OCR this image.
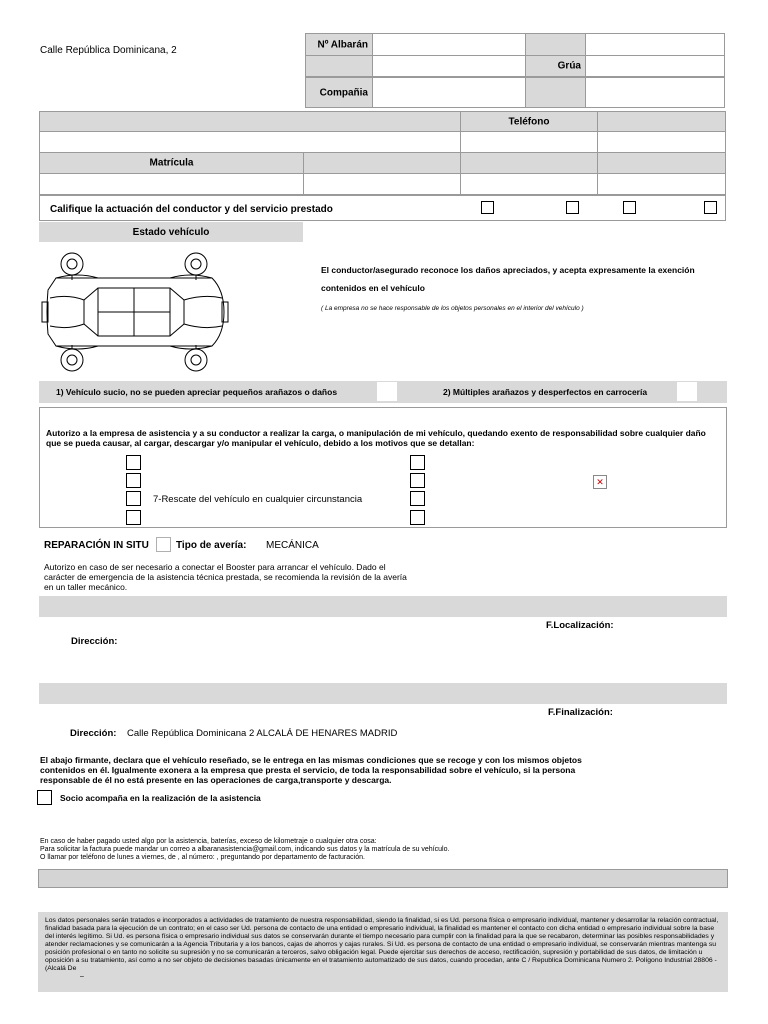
Calle República Dominicana, 2
Nº Albarán
Grúa
Compañia
Teléfono
Matrícula
Califique la actuación del conductor y del servicio prestado
Estado vehículo
El conductor/asegurado reconoce los daños apreciados, y acepta expresamente la exención
contenidos en el vehículo
( La empresa no se hace responsable de los objetos personales en el interior del vehículo )
1) Vehículo sucio, no se pueden apreciar pequeños arañazos o daños	2) Múltiples arañazos y desperfectos en carrocería
Autorizo a la empresa de asistencia y a su conductor a realizar la carga, o manipulación de mi vehículo, quedando exento de responsabilidad sobre cualquier daño que se pueda causar, al cargar, descargar y/o manipular el vehículo, debido a los motivos que se detallan:
7-Rescate del vehículo en cualquier circunstancia
✕
REPARACIÓN IN SITU	Tipo de avería: MECÁNICA
Autorizo en caso de ser necesario a conectar el Booster para arrancar el vehículo. Dado el carácter de emergencia de la asistencia técnica prestada, se recomienda la revisión de la avería en un taller mecánico.
F.Localización:
Dirección:
F.Finalización:
Dirección: Calle República Dominicana 2 ALCALÁ DE HENARES MADRID
El abajo firmante, declara que el vehículo reseñado, se le entrega en las mismas condiciones que se recoge y con los mismos objetos contenidos en él. Igualmente exonera a la empresa que presta el servicio, de toda la responsabilidad sobre el vehículo, si la persona responsable de él no está presente en las operaciones de carga,transporte y descarga.
Socio acompaña en la realización de la asistencia
En caso de haber pagado usted algo por la asistencia, baterías, exceso de kilometraje o cualquier otra cosa:
Para solicitar la factura puede mandar un correo a albaranasistencia@gmail.com, indicando sus datos y la matrícula de su vehículo.
O llamar por teléfono de lunes a viernes, de , al número: , preguntando por departamento de facturación.
Los datos personales serán tratados e incorporados a actividades de tratamiento de nuestra responsabilidad, siendo la finalidad, si es Ud. persona física o empresario individual, mantener y desarrollar la relación contractual, finalidad basada para la ejecución de un contrato; en el caso ser Ud. persona de contacto de una entidad o empresario individual, la finalidad es mantener el contacto con dicha entidad o empresario individual sobre la base del interés legítimo. Si Ud. es persona física o empresario individual sus datos se conservarán durante el tiempo necesario para cumplir con la finalidad para la que se recabaron, determinar las posibles responsabilidades y atender reclamaciones y se comunicarán a la Agencia Tributaria y a los bancos, cajas de ahorros y cajas rurales. Si Ud. es persona de contacto de una entidad o empresario individual, se conservarán mientras mantenga su posición profesional o en tanto no solicite su supresión y no se comunicarán a terceros, salvo obligación legal. Puede ejercitar sus derechos de acceso, rectificación, supresión y portabilidad de sus datos, de limitación u oposición a su tratamiento, así como a no ser objeto de decisiones basadas únicamente en el tratamiento automatizado de sus datos, cuando procedan, ante C / Republica Dominicana Numero 2. Polígono Industrial 28806 - (Alcalá De
–
